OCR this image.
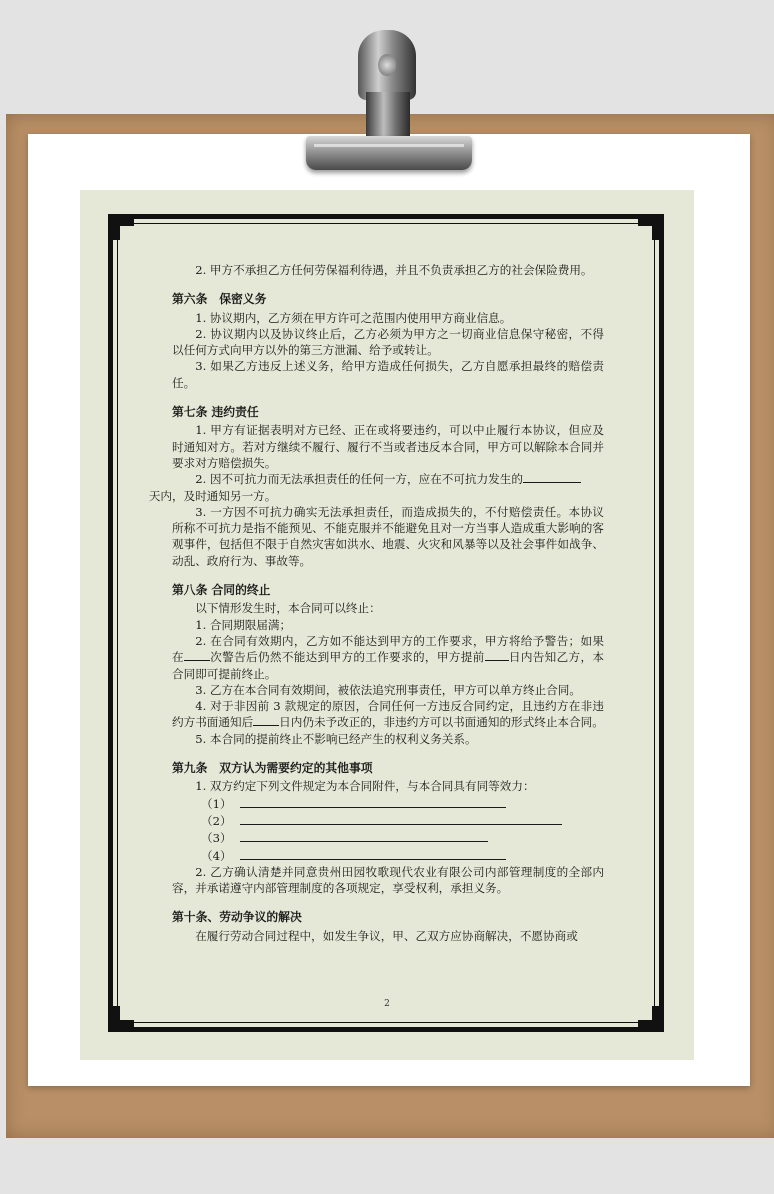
2. 甲方不承担乙方任何劳保福利待遇，并且不负责承担乙方的社会保险费用。

第六条　保密义务

1. 协议期内，乙方须在甲方许可之范围内使用甲方商业信息。

2. 协议期内以及协议终止后，乙方必须为甲方之一切商业信息保守秘密，不得以任何方式向甲方以外的第三方泄漏、给予或转让。

3. 如果乙方违反上述义务，给甲方造成任何损失，乙方自愿承担最终的赔偿责任。

第七条 违约责任

1. 甲方有证据表明对方已经、正在或将要违约，可以中止履行本协议，但应及时通知对方。若对方继续不履行、履行不当或者违反本合同，甲方可以解除本合同并要求对方赔偿损失。

2. 因不可抗力而无法承担责任的任何一方，应在不可抗力发生的
天内，及时通知另一方。

3. 一方因不可抗力确实无法承担责任，而造成损失的，不付赔偿责任。本协议所称不可抗力是指不能预见、不能克服并不能避免且对一方当事人造成重大影响的客观事件，包括但不限于自然灾害如洪水、地震、火灾和风暴等以及社会事件如战争、动乱、政府行为、事故等。

第八条 合同的终止

以下情形发生时，本合同可以终止：

1. 合同期限届满；

2. 在合同有效期内，乙方如不能达到甲方的工作要求，甲方将给予警告；如果在 次警告后仍然不能达到甲方的工作要求的，甲方提前 日内告知乙方，本合同即可提前终止。

3. 乙方在本合同有效期间，被依法追究刑事责任，甲方可以单方终止合同。

4. 对于非因前 3 款规定的原因，合同任何一方违反合同约定，且违约方在非违约方书面通知后 日内仍未予改正的，非违约方可以书面通知的形式终止本合同。

5. 本合同的提前终止不影响已经产生的权利义务关系。

第九条　双方认为需要约定的其他事项

1. 双方约定下列文件规定为本合同附件，与本合同具有同等效力：

（1）
（2）
（3）
（4）

2. 乙方确认清楚并同意贵州田园牧歌现代农业有限公司内部管理制度的全部内容，并承诺遵守内部管理制度的各项规定，享受权利，承担义务。

第十条、劳动争议的解决

在履行劳动合同过程中，如发生争议，甲、乙双方应协商解决，不愿协商或

2
